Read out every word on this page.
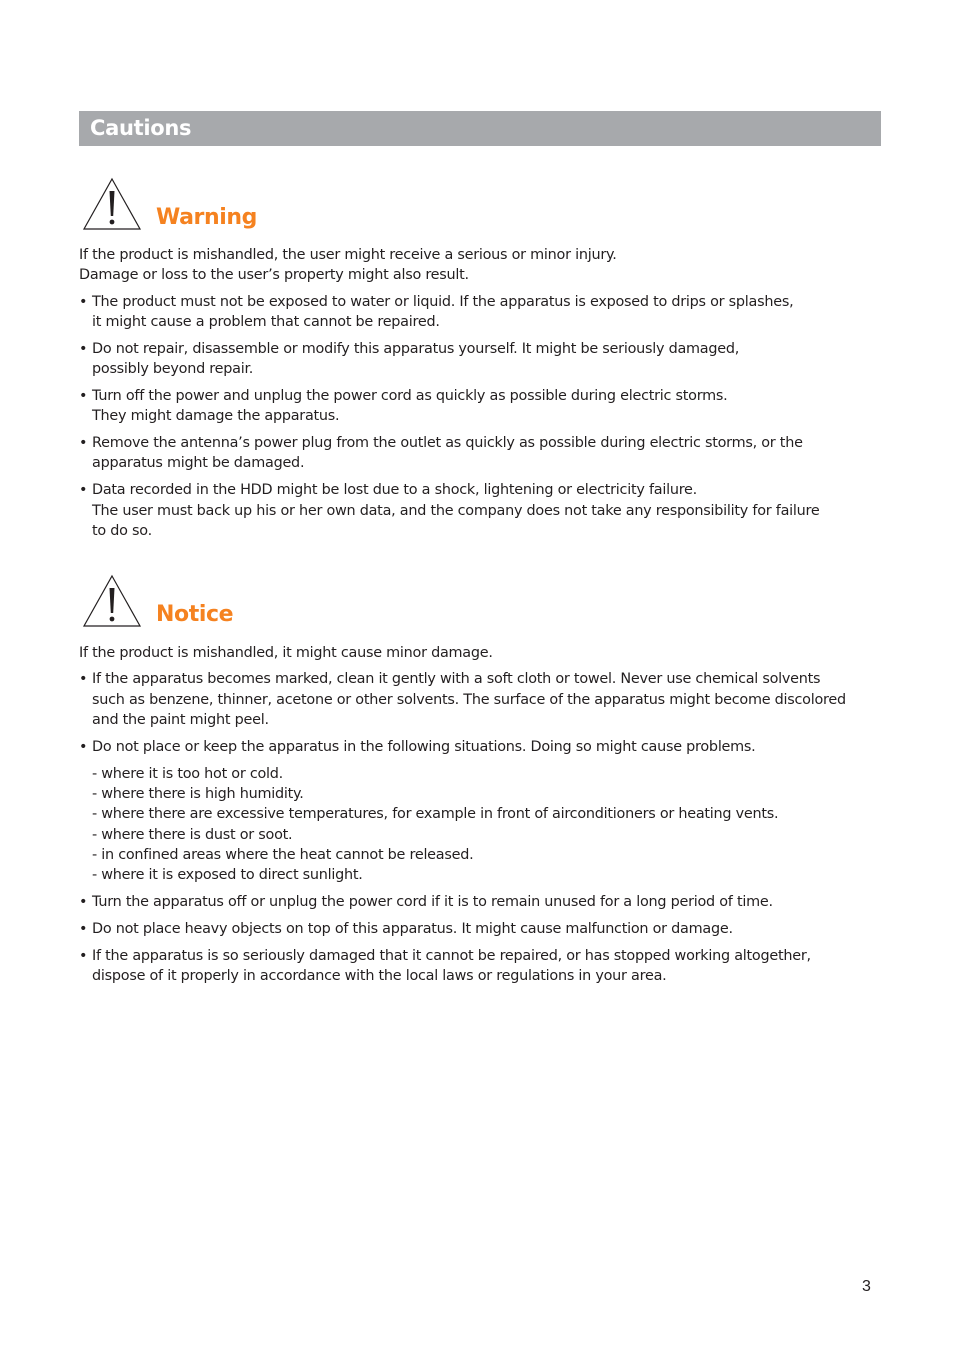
Cautions
Warning

If the product is mishandled, the user might receive a serious or minor injury.
Damage or loss to the user’s property might also result.

• The product must not be exposed to water or liquid. If the apparatus is exposed to drips or splashes,
it might cause a problem that cannot be repaired.
• Do not repair, disassemble or modify this apparatus yourself. It might be seriously damaged,
possibly beyond repair.
• Turn off the power and unplug the power cord as quickly as possible during electric storms.
They might damage the apparatus.
• Remove the antenna’s power plug from the outlet as quickly as possible during electric storms, or the
apparatus might be damaged.
• Data recorded in the HDD might be lost due to a shock, lightening or electricity failure.
The user must back up his or her own data, and the company does not take any responsibility for failure
to do so.
Notice

If the product is mishandled, it might cause minor damage.

• If the apparatus becomes marked, clean it gently with a soft cloth or towel. Never use chemical solvents
such as benzene, thinner, acetone or other solvents. The surface of the apparatus might become discolored
and the paint might peel.
• Do not place or keep the apparatus in the following situations. Doing so might cause problems.
- where it is too hot or cold.
- where there is high humidity.
- where there are excessive temperatures, for example in front of airconditioners or heating vents.
- where there is dust or soot.
- in confined areas where the heat cannot be released.
- where it is exposed to direct sunlight.
• Turn the apparatus off or unplug the power cord if it is to remain unused for a long period of time.
• Do not place heavy objects on top of this apparatus. It might cause malfunction or damage.
• If the apparatus is so seriously damaged that it cannot be repaired, or has stopped working altogether,
dispose of it properly in accordance with the local laws or regulations in your area.
3
